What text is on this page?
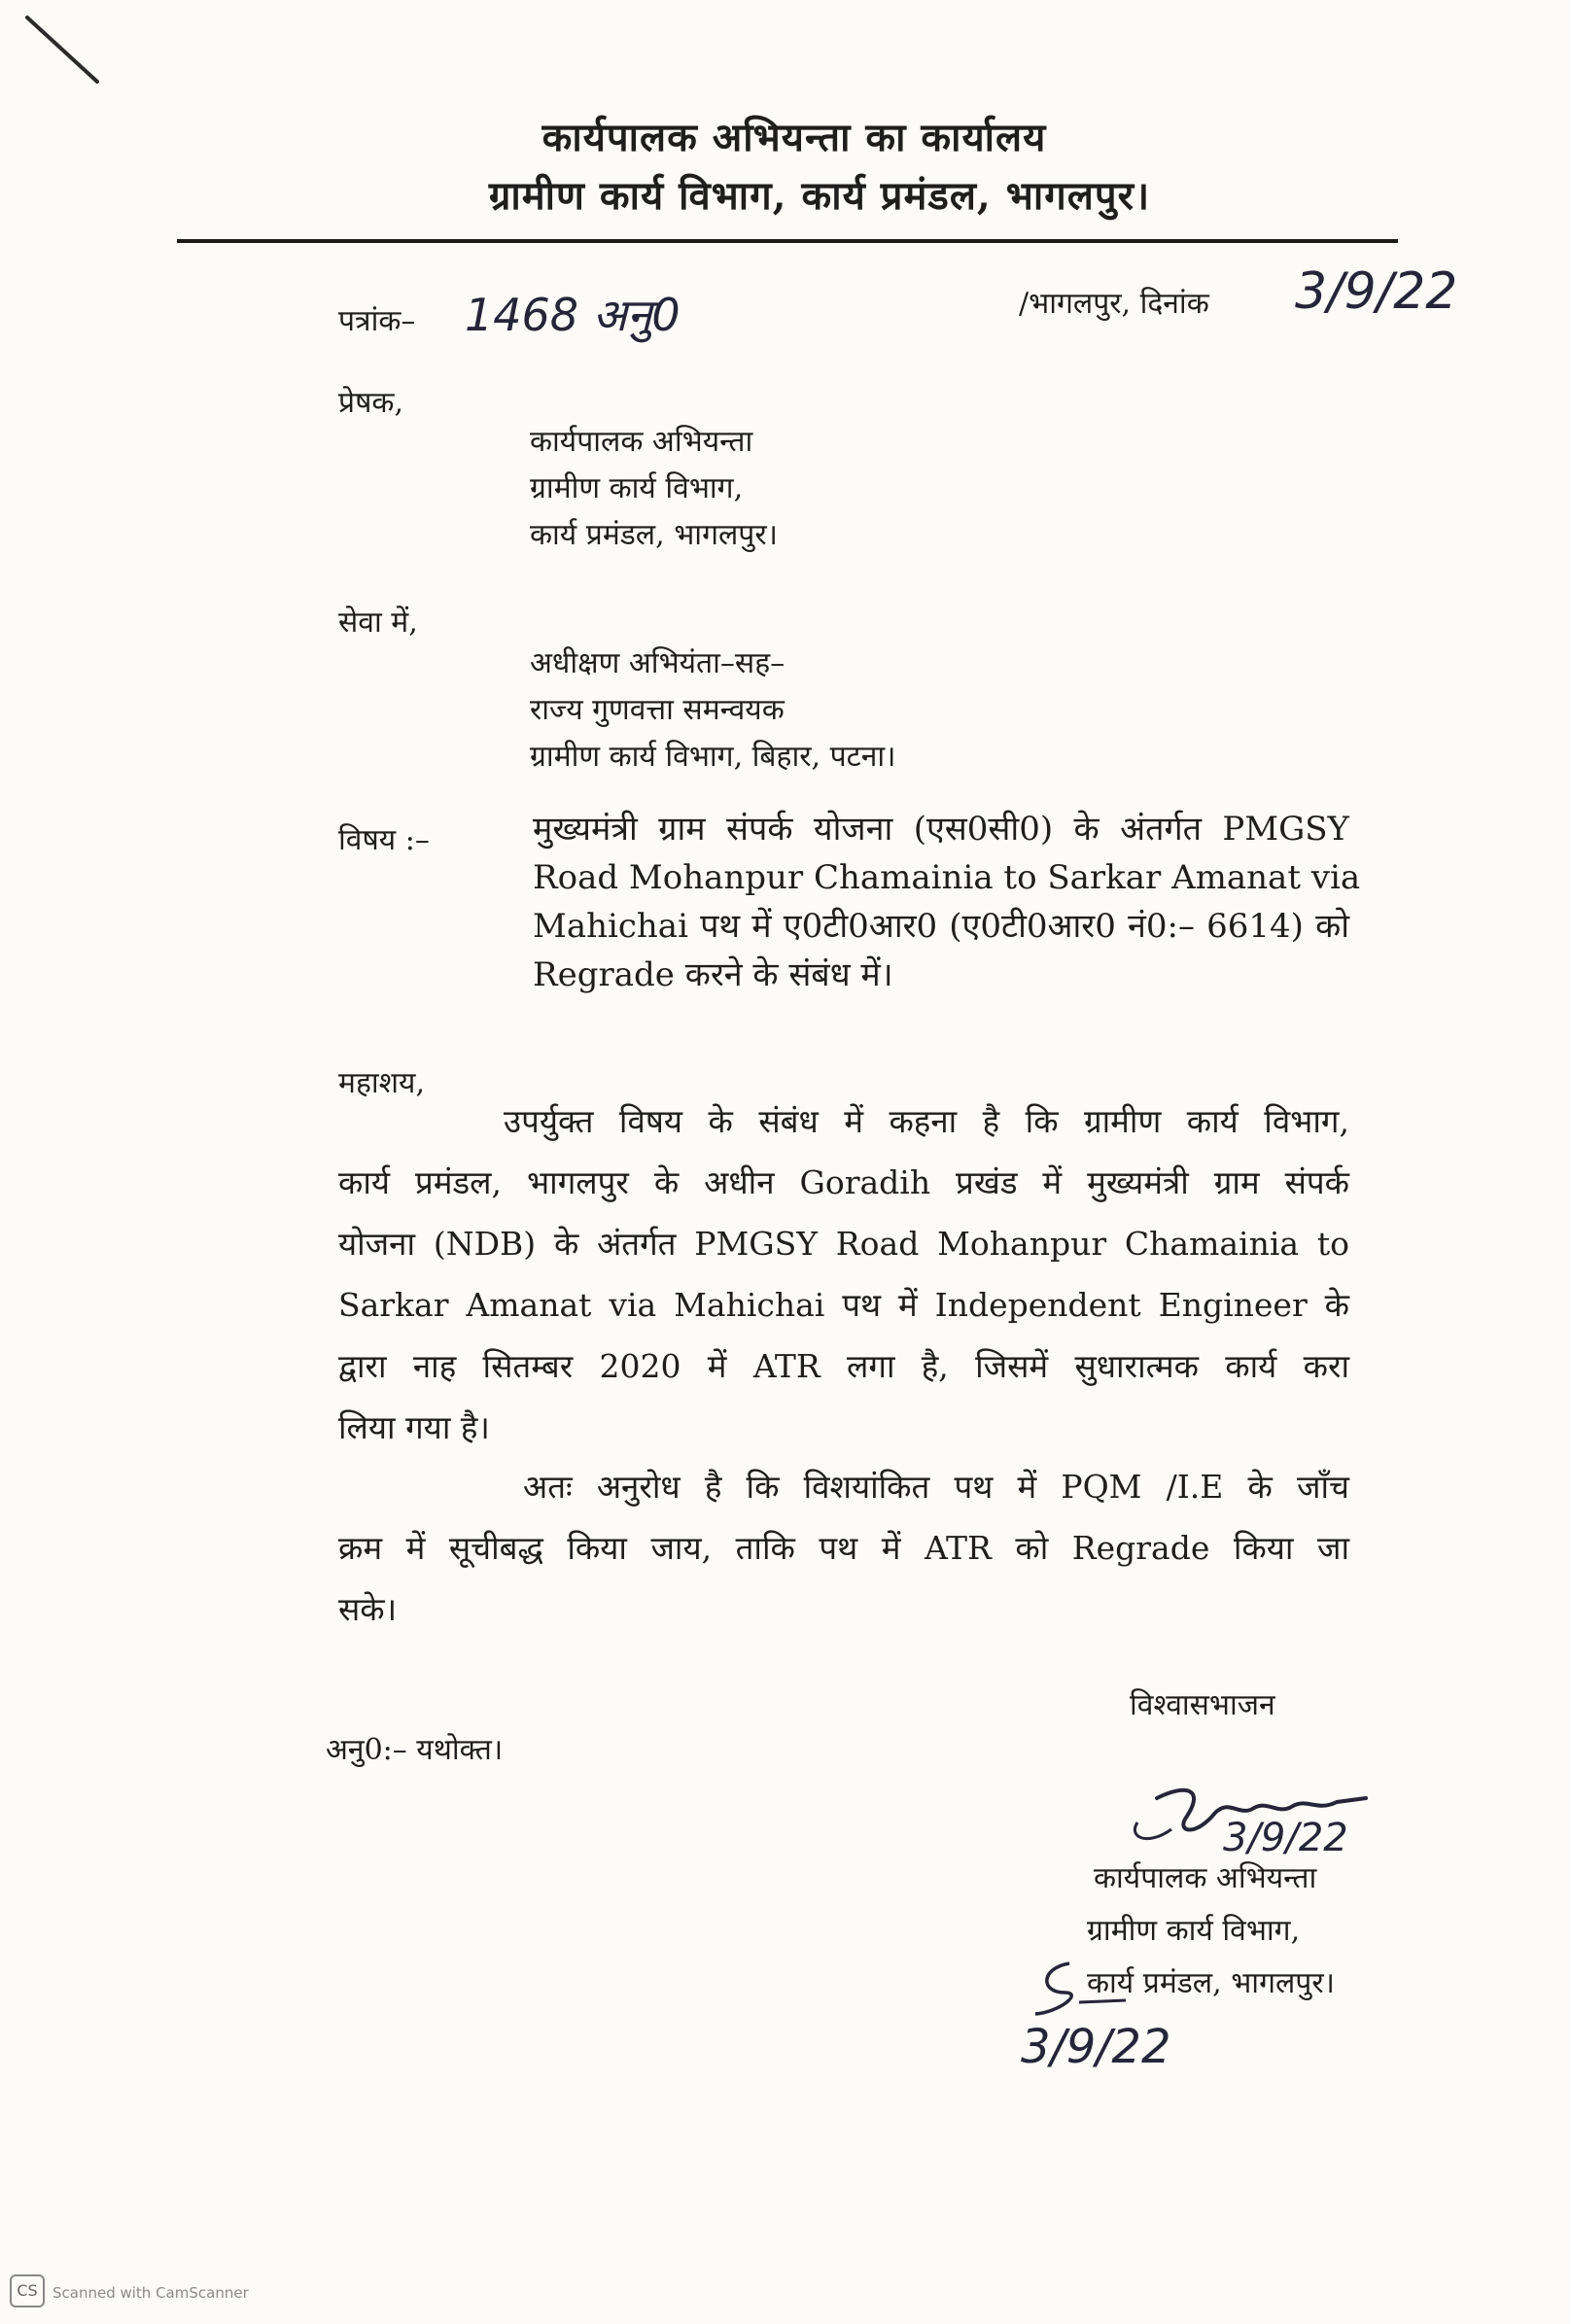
कार्यपालक अभियन्ता का कार्यालय
ग्रामीण कार्य विभाग, कार्य प्रमंडल, भागलपुर।
पत्रांक– 1468 अनु0	/भागलपुर, दिनांक 3/9/22
प्रेषक,
कार्यपालक अभियन्ता
ग्रामीण कार्य विभाग,
कार्य प्रमंडल, भागलपुर।
सेवा में,
अधीक्षण अभियंता–सह–
राज्य गुणवत्ता समन्वयक
ग्रामीण कार्य विभाग, बिहार, पटना।
विषय :–	मुख्यमंत्री ग्राम संपर्क योजना (एस0सी0) के अंतर्गत PMGSY
Road Mohanpur Chamainia to Sarkar Amanat via
Mahichai पथ में ए0टी0आर0 (ए0टी0आर0 नं0:– 6614) को
Regrade करने के संबंध में।
महाशय,
उपर्युक्त विषय के संबंध में कहना है कि ग्रामीण कार्य विभाग,
कार्य प्रमंडल, भागलपुर के अधीन Goradih प्रखंड में मुख्यमंत्री ग्राम संपर्क
योजना (NDB) के अंतर्गत PMGSY Road Mohanpur Chamainia to
Sarkar Amanat via Mahichai पथ में Independent Engineer के
द्वारा नाह सितम्बर 2020 में ATR लगा है, जिसमें सुधारात्मक कार्य करा
लिया गया है।
अतः अनुरोध है कि विशयांकित पथ में PQM /I.E के जाँच
क्रम में सूचीबद्ध किया जाय, ताकि पथ में ATR को Regrade किया जा
सके।
विश्वासभाजन
अनु0:– यथोक्त।
3/9/22
कार्यपालक अभियन्ता
ग्रामीण कार्य विभाग,
कार्य प्रमंडल, भागलपुर।
3/9/22
CS	Scanned with CamScanner
